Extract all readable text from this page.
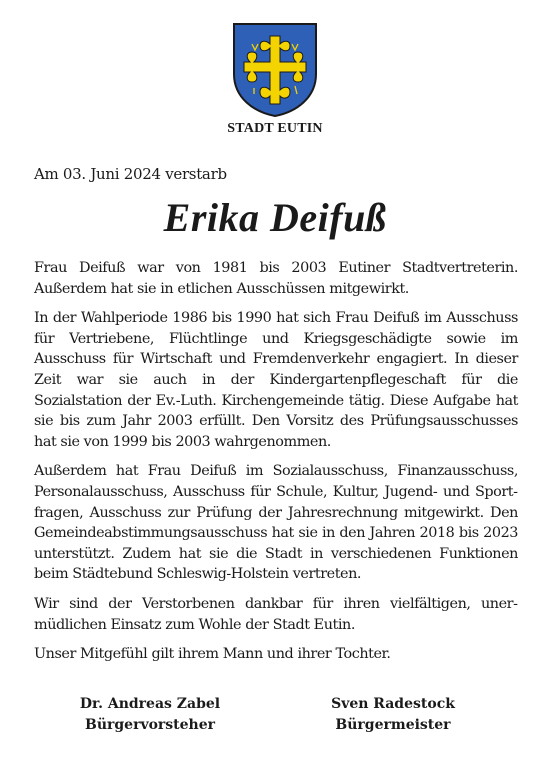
STADT EUTIN
Am 03. Juni 2024 verstarb
Erika Deifuß

Frau Deifuß war von 1981 bis 2003 Eutiner Stadtvertreterin. Außerdem hat sie in etlichen Ausschüssen mitgewirkt.

In der Wahlperiode 1986 bis 1990 hat sich Frau Deifuß im Ausschuss für Vertriebene, Flüchtlinge und Kriegsgeschädigte sowie im Ausschuss für Wirtschaft und Fremdenverkehr engagiert. In dieser Zeit war sie auch in der Kindergartenpflegeschaft für die Sozialstation der Ev.-Luth. Kirchengemeinde tätig. Diese Aufgabe hat sie bis zum Jahr 2003 erfüllt. Den Vorsitz des Prüfungsausschusses hat sie von 1999 bis 2003 wahrgenommen.

Außerdem hat Frau Deifuß im Sozialausschuss, Finanzausschuss, Personalausschuss, Ausschuss für Schule, Kultur, Jugend- und Sportfragen, Ausschuss zur Prüfung der Jahresrechnung mitgewirkt. Den Gemeindeabstimmungsausschuss hat sie in den Jahren 2018 bis 2023 unterstützt. Zudem hat sie die Stadt in verschiedenen Funktionen beim Städtebund Schleswig-Holstein vertreten.

Wir sind der Verstorbenen dankbar für ihren vielfältigen, unermüdlichen Einsatz zum Wohle der Stadt Eutin.

Unser Mitgefühl gilt ihrem Mann und ihrer Tochter.

Dr. Andreas Zabel
Bürgervorsteher
Sven Radestock
Bürgermeister
